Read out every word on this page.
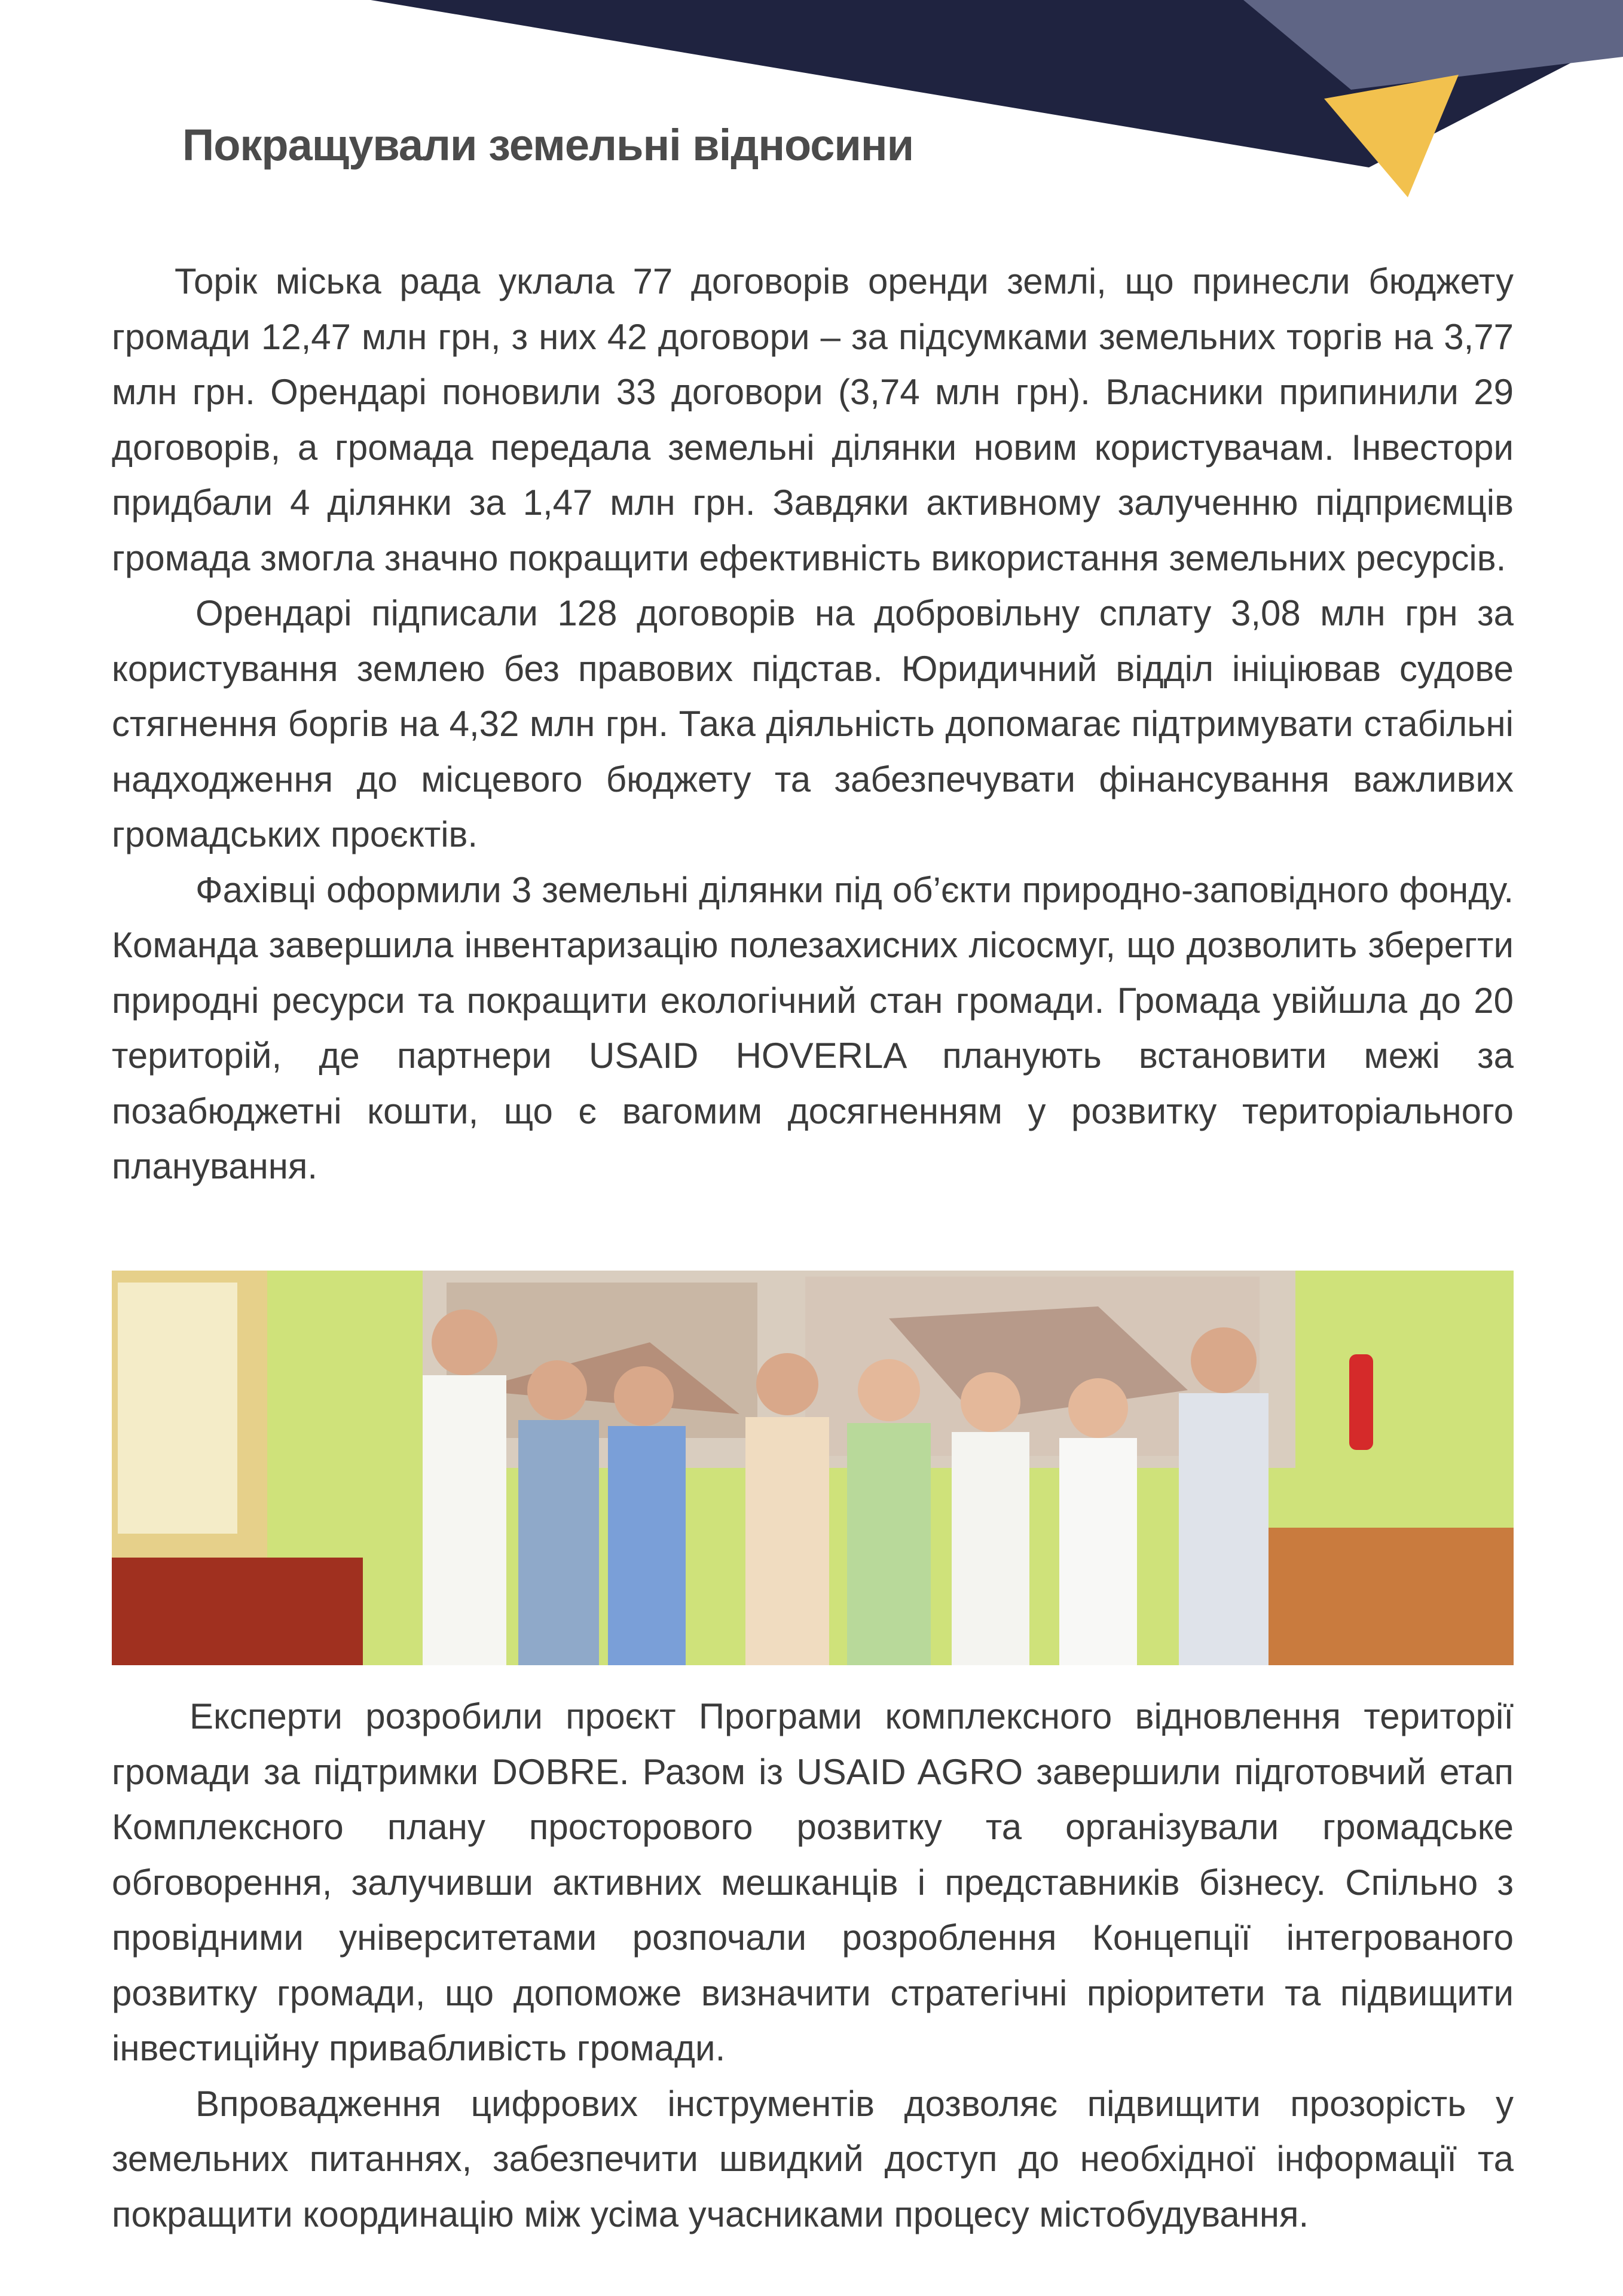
Покращували земельні відносини

Торік міська рада уклала 77 договорів оренди землі, що принесли бюджету громади 12,47 млн грн, з них 42 договори – за підсумками земельних торгів на 3,77 млн грн. Орендарі поновили 33 договори (3,74 млн грн). Власники припинили 29 договорів, а громада передала земельні ділянки новим користувачам. Інвестори придбали 4 ділянки за 1,47 млн грн. Завдяки активному залученню підприємців громада змогла значно покращити ефективність використання земельних ресурсів.

Орендарі підписали 128 договорів на добровільну сплату 3,08 млн грн за користування землею без правових підстав. Юридичний відділ ініціював судове стягнення боргів на 4,32 млн грн. Така діяльність допомагає підтримувати стабільні надходження до місцевого бюджету та забезпечувати фінансування важливих громадських проєктів.

Фахівці оформили 3 земельні ділянки під об’єкти природно-заповідного фонду. Команда завершила інвентаризацію полезахисних лісосмуг, що дозволить зберегти природні ресурси та покращити екологічний стан громади. Громада увійшла до 20 територій, де партнери USAID HOVERLA планують встановити межі за позабюджетні кошти, що є вагомим досягненням у розвитку територіального планування.

Експерти розробили проєкт Програми комплексного відновлення території громади за підтримки DOBRE. Разом із USAID AGRO завершили підготовчий етап Комплексного плану просторового розвитку та організували громадське обговорення, залучивши активних мешканців і представників бізнесу. Спільно з провідними університетами розпочали розроблення Концепції інтегрованого розвитку громади, що допоможе визначити стратегічні пріоритети та підвищити інвестиційну привабливість громади.

Впровадження цифрових інструментів дозволяє підвищити прозорість у земельних питаннях, забезпечити швидкий доступ до необхідної інформації та покращити координацію між усіма учасниками процесу містобудування.
